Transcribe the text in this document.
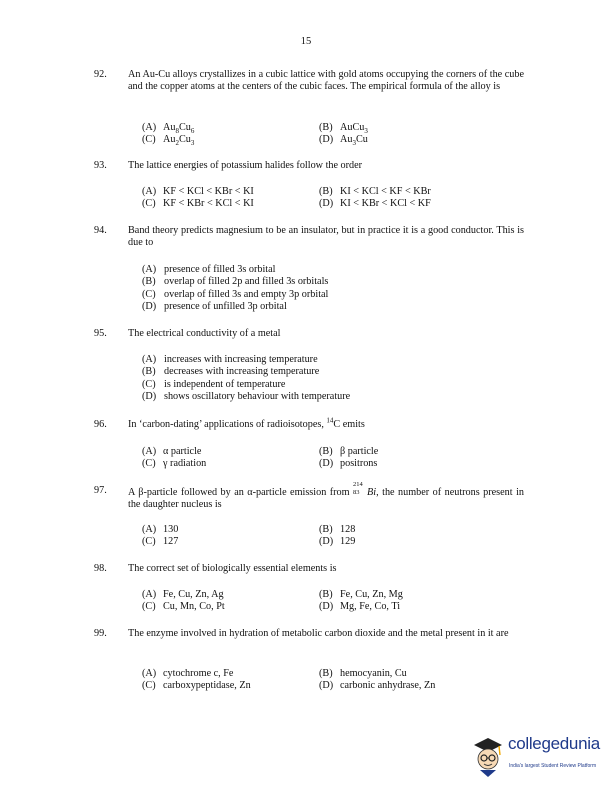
15
92. An Au-Cu alloys crystallizes in a cubic lattice with gold atoms occupying the corners of the cube and the copper atoms at the centers of the cubic faces. The empirical formula of the alloy is
(A) $Au_8Cu_6$	(B) AuCu$_3$
(C) $Au_2Cu_3$	(D) $Au_3Cu$
93. The lattice energies of potassium halides follow the order
(A) KF < KCl < KBr < KI	(B) KI < KCl < KF < KBr
(C) KF < KBr < KCl < KI	(D) KI < KBr < KCl < KF
94. Band theory predicts magnesium to be an insulator, but in practice it is a good conductor. This is due to
(A) presence of filled 3s orbital
(B) overlap of filled 2p and filled 3s orbitals
(C) overlap of filled 3s and empty 3p orbital
(D) presence of unfilled 3p orbital
95. The electrical conductivity of a metal
(A) increases with increasing temperature
(B) decreases with increasing temperature
(C) is independent of temperature
(D) shows oscillatory behaviour with temperature
96. In ‘carbon-dating’ applications of radioisotopes, $^{14}$C emits
(A) α particle	(B) β particle
(C) γ radiation	(D) positrons
97. A β-particle followed by an α-particle emission from
214
83 Bi, the number of neutrons present in the daughter nucleus is
(A) 130	(B) 128
(C) 127	(D) 129
98. The correct set of biologically essential elements is
(A) Fe, Cu, Zn, Ag	(B) Fe, Cu, Zn, Mg
(C) Cu, Mn, Co, Pt	(D) Mg, Fe, Co, Ti
99. The enzyme involved in hydration of metabolic carbon dioxide and the metal present in it are
(A) cytochrome c, Fe	(B) hemocyanin, Cu
(C) carboxypeptidase, Zn	(D) carbonic anhydrase, Zn
collegedunia
India's largest Student Review Platform
